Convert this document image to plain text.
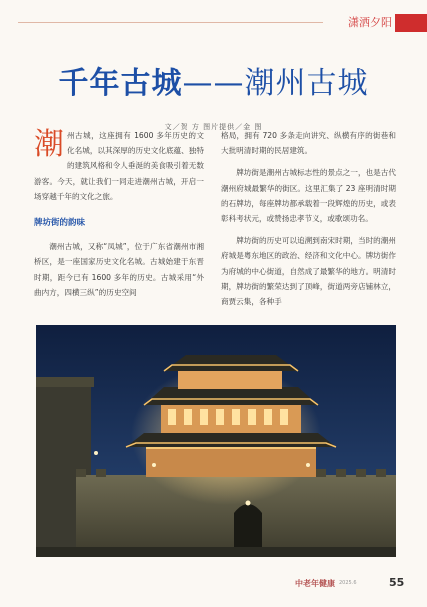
潇洒夕阳
千年古城——潮州古城
文／贺 方 图片提供／金 图

潮州古城，这座拥有 1600 多年历史的文化名城，以其深厚的历史文化底蕴、独特的建筑风格和令人垂涎的美食吸引着无数游客。今天，就让我们一同走进潮州古城，开启一场穿越千年的文化之旅。

牌坊街的韵味

潮州古城，又称“凤城”，位于广东省潮州市湘桥区，是一座国家历史文化名城。古城始建于东晋时期，距今已有 1600 多年的历史。古城采用“外曲内方，四横三纵”的历史空间

格局，拥有 720 多条走向讲究、纵横有序的街巷和大批明清时期的民居建筑。

牌坊街是潮州古城标志性的景点之一，也是古代潮州府城最繁华的街区。这里汇集了 23 座明清时期的石牌坊，每座牌坊都承载着一段辉煌的历史，或表彰科考状元，或赞扬忠孝节义，或歌颂功名。

牌坊街的历史可以追溯到南宋时期，当时的潮州府城是粤东地区的政治、经济和文化中心。牌坊街作为府城的中心街道，自然成了最繁华的地方。明清时期，牌坊街的繁荣达到了顶峰，街道两旁店铺林立，商贾云集，各种手

中老年健康 2025.6	55
